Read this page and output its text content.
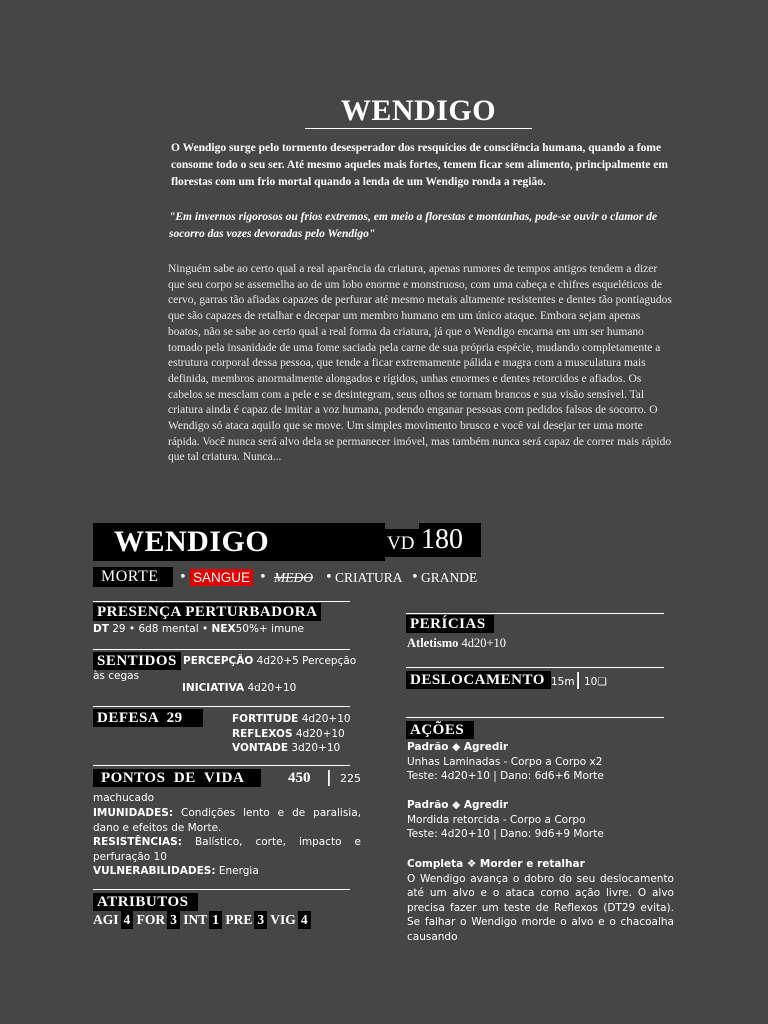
WENDIGO
O Wendigo surge pelo tormento desesperador dos resquícios de consciência humana, quando a fome consome todo o seu ser. Até mesmo aqueles mais fortes, temem ficar sem alimento, principalmente em florestas com um frio mortal quando a lenda de um Wendigo ronda a região.
"Em invernos rigorosos ou frios extremos, em meio a florestas e montanhas, pode-se ouvir o clamor de socorro das vozes devoradas pelo Wendigo"
Ninguém sabe ao certo qual a real aparência da criatura, apenas rumores de tempos antigos tendem a dizer que seu corpo se assemelha ao de um lobo enorme e monstruoso, com uma cabeça e chifres esqueléticos de cervo, garras tão afiadas capazes de perfurar até mesmo metais altamente resistentes e dentes tão pontiagudos que são capazes de retalhar e decepar um membro humano em um único ataque. Embora sejam apenas boatos, não se sabe ao certo qual a real forma da criatura, já que o Wendigo encarna em um ser humano tomado pela insanidade de uma fome saciada pela carne de sua própria espécie, mudando completamente a estrutura corporal dessa pessoa, que tende a ficar extremamente pálida e magra com a musculatura mais definida, membros anormalmente alongados e rígidos, unhas enormes e dentes retorcidos e afiados. Os cabelos se mesclam com a pele e se desintegram, seus olhos se tornam brancos e sua visão sensível. Tal criatura ainda é capaz de imitar a voz humana, podendo enganar pessoas com pedidos falsos de socorro. O Wendigo só ataca aquilo que se move. Um simples movimento brusco e você vai desejar ter uma morte rápida. Você nunca será alvo dela se permanecer imóvel, mas também nunca será capaz de correr mais rápido que tal criatura. Nunca...
WENDIGO	VD 180
MORTE • SANGUE • MEDO • CRIATURA • GRANDE
PRESENÇA PERTURBADORA
DT 29 • 6d8 mental • NEX50%+ imune
SENTIDOS PERCEPÇÃO 4d20+5 Percepção às cegas
INICIATIVA 4d20+10
DEFESA 29	FORTITUDE 4d20+10
REFLEXOS 4d20+10
VONTADE 3d20+10
PONTOS  DE  VIDA	450 | 225
machucado
IMUNIDADES: Condições lento e de paralisia, dano e efeitos de Morte.
RESISTÊNCIAS: Balístico, corte, impacto e perfuração 10
VULNERABILIDADES: Energia
ATRIBUTOS
AGI 4 FOR 3 INT 1 PRE 3 VIG 4
PERÍCIAS
Atletismo 4d20+10
DESLOCAMENTO 15m | 10❑
AÇÕES
Padrão ◆ Agredir
Unhas Laminadas - Corpo a Corpo x2
Teste: 4d20+10 | Dano: 6d6+6 Morte
Padrão ◆ Agredir
Mordida retorcida - Corpo a Corpo
Teste: 4d20+10 | Dano: 9d6+9 Morte
Completa ❖ Morder e retalhar
O Wendigo avança o dobro do seu deslocamento até um alvo e o ataca como ação livre. O alvo precisa fazer um teste de Reflexos (DT29 evita). Se falhar o Wendigo morde o alvo e o chacoalha causando
